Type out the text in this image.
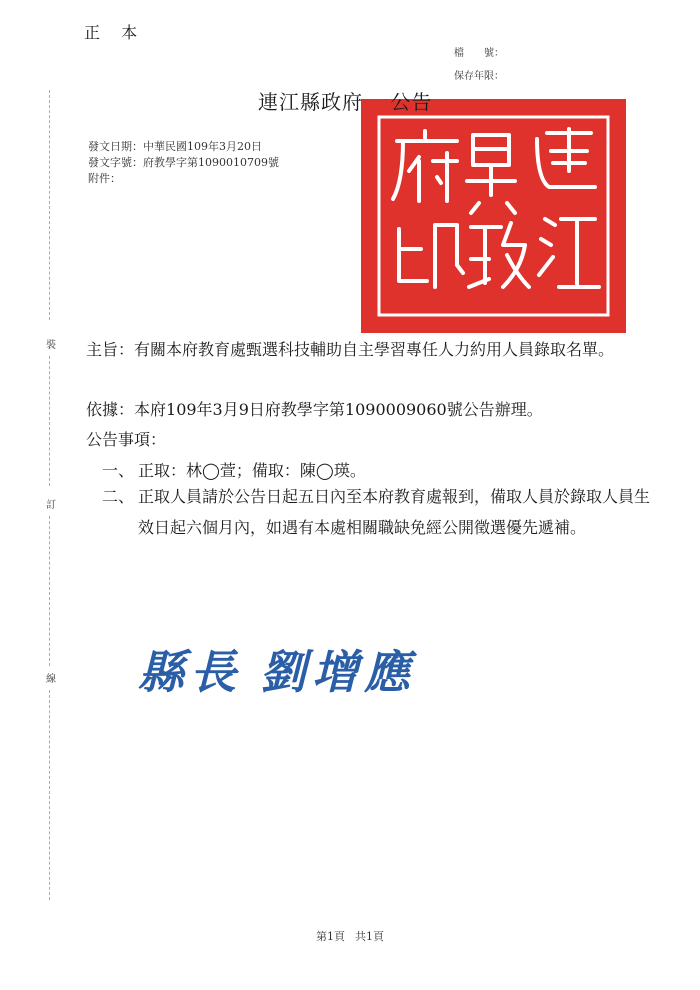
正 本
檔　　號：
保存年限：
連江縣政府 公告
發文日期：中華民國109年3月20日
發文字號：府教學字第1090010709號
附件：
裝
訂
線
主旨：有關本府教育處甄選科技輔助自主學習專任人力約用人員錄取名單。
依據：本府109年3月9日府教學字第1090009060號公告辦理。
公告事項：
一、 正取：林◯萱；備取：陳◯瑛。
二、 正取人員請於公告日起五日內至本府教育處報到，備取人員於錄取人員生效日起六個月內，如遇有本處相關職缺免經公開徵選優先遞補。
縣長 劉增應
第1頁 共1頁
